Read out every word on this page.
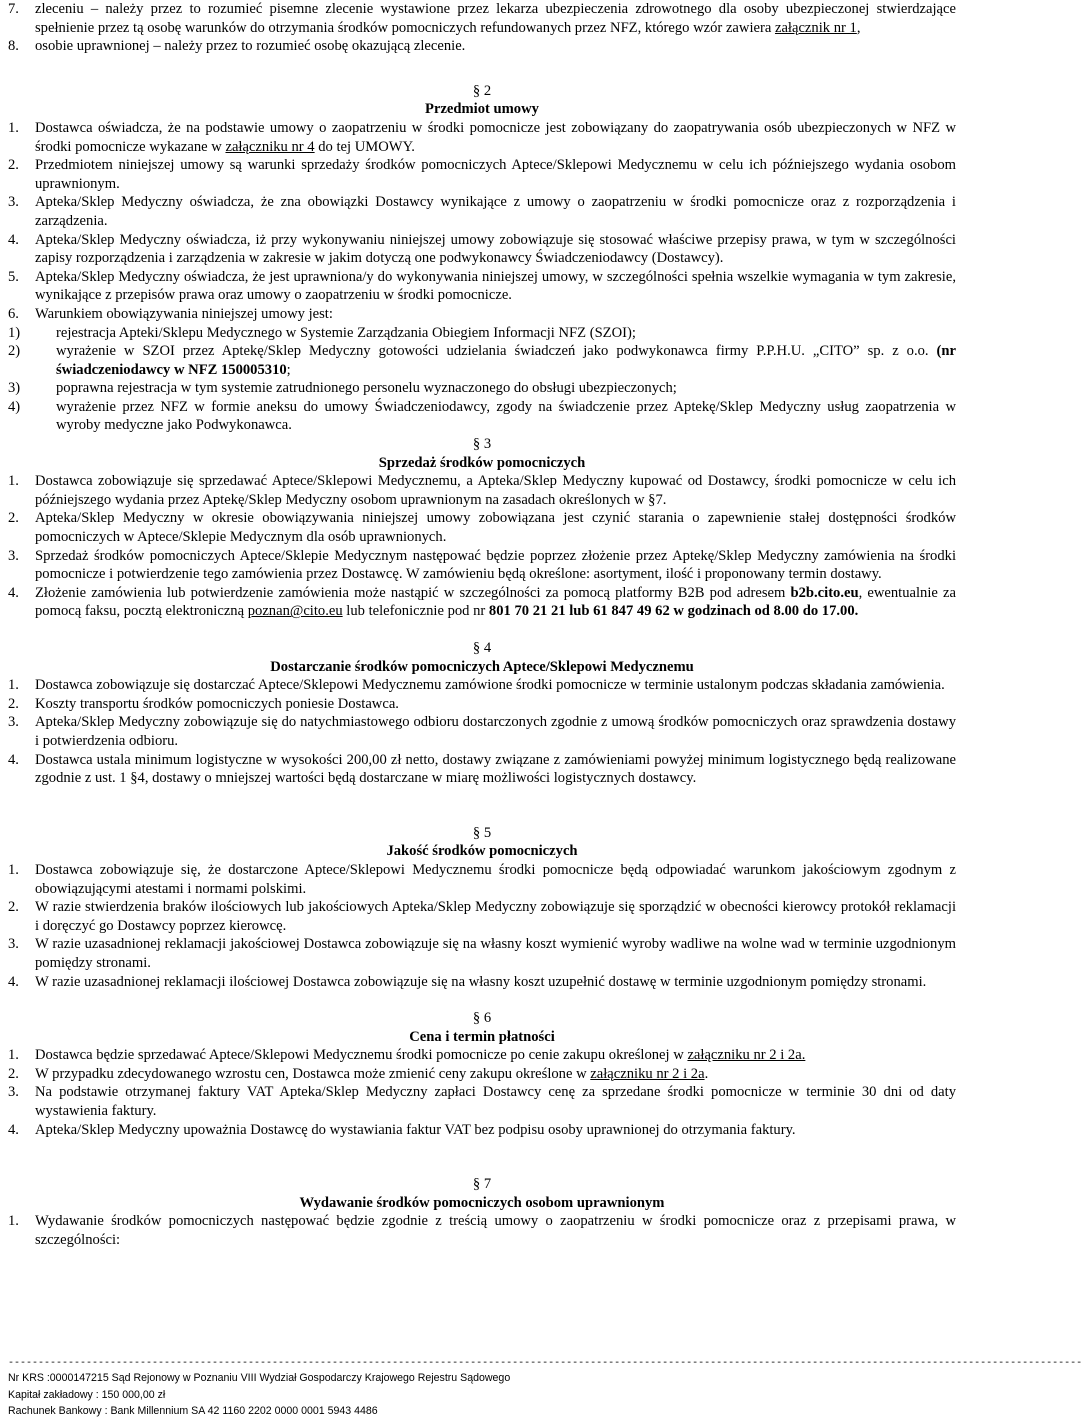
7.	zleceniu – należy przez to rozumieć pisemne zlecenie wystawione przez lekarza ubezpieczenia zdrowotnego dla osoby ubezpieczonej stwierdzające spełnienie przez tą osobę warunków do otrzymania środków pomocniczych refundowanych przez NFZ, którego wzór zawiera załącznik nr 1,
8.	osobie uprawnionej – należy przez to rozumieć osobę okazującą zlecenie.
§ 2
Przedmiot umowy
1.	Dostawca oświadcza, że na podstawie umowy o zaopatrzeniu w środki pomocnicze jest zobowiązany do zaopatrywania osób ubezpieczonych w NFZ w środki pomocnicze wykazane w załączniku nr 4 do tej UMOWY.
2.	Przedmiotem niniejszej umowy są warunki sprzedaży środków pomocniczych Aptece/Sklepowi Medycznemu w celu ich późniejszego wydania osobom uprawnionym.
3.	Apteka/Sklep Medyczny oświadcza, że zna obowiązki Dostawcy wynikające z umowy o zaopatrzeniu w środki pomocnicze oraz z rozporządzenia i zarządzenia.
4.	Apteka/Sklep Medyczny oświadcza, iż przy wykonywaniu niniejszej umowy zobowiązuje się stosować właściwe przepisy prawa, w tym w szczególności zapisy rozporządzenia i zarządzenia w zakresie w jakim dotyczą one podwykonawcy Świadczeniodawcy (Dostawcy).
5.	Apteka/Sklep Medyczny oświadcza, że jest uprawniona/y do wykonywania niniejszej umowy, w szczególności spełnia wszelkie wymagania w tym zakresie, wynikające z przepisów prawa oraz umowy o zaopatrzeniu w środki pomocnicze.
6.	Warunkiem obowiązywania niniejszej umowy jest:
1)	rejestracja Apteki/Sklepu Medycznego w Systemie Zarządzania Obiegiem Informacji NFZ (SZOI);
2)	wyrażenie w SZOI przez Aptekę/Sklep Medyczny gotowości udzielania świadczeń jako podwykonawca firmy P.P.H.U. „CITO” sp. z o.o. (nr świadczeniodawcy w NFZ 150005310;
3)	poprawna rejestracja w tym systemie zatrudnionego personelu wyznaczonego do obsługi ubezpieczonych;
4)	wyrażenie przez NFZ w formie aneksu do umowy Świadczeniodawcy, zgody na świadczenie przez Aptekę/Sklep Medyczny usług zaopatrzenia w wyroby medyczne jako Podwykonawca.
§ 3
Sprzedaż środków pomocniczych
1.	Dostawca zobowiązuje się sprzedawać Aptece/Sklepowi Medycznemu, a Apteka/Sklep Medyczny kupować od Dostawcy, środki pomocnicze w celu ich późniejszego wydania przez Aptekę/Sklep Medyczny osobom uprawnionym na zasadach określonych w §7.
2.	Apteka/Sklep Medyczny w okresie obowiązywania niniejszej umowy zobowiązana jest czynić starania o zapewnienie stałej dostępności środków pomocniczych w Aptece/Sklepie Medycznym dla osób uprawnionych.
3.	Sprzedaż środków pomocniczych Aptece/Sklepie Medycznym następować będzie poprzez złożenie przez Aptekę/Sklep Medyczny zamówienia na środki pomocnicze i potwierdzenie tego zamówienia przez Dostawcę. W zamówieniu będą określone: asortyment, ilość i proponowany termin dostawy.
4.	Złożenie zamówienia lub potwierdzenie zamówienia może nastąpić w szczególności za pomocą platformy B2B pod adresem b2b.cito.eu, ewentualnie za pomocą faksu, pocztą elektroniczną poznan@cito.eu lub telefonicznie pod nr 801 70 21 21 lub 61 847 49 62 w godzinach od 8.00 do 17.00.
§ 4
Dostarczanie środków pomocniczych Aptece/Sklepowi Medycznemu
1.	Dostawca zobowiązuje się dostarczać Aptece/Sklepowi Medycznemu zamówione środki pomocnicze w terminie ustalonym podczas składania zamówienia.
2.	Koszty transportu środków pomocniczych poniesie Dostawca.
3.	Apteka/Sklep Medyczny zobowiązuje się do natychmiastowego odbioru dostarczonych zgodnie z umową środków pomocniczych oraz sprawdzenia dostawy i potwierdzenia odbioru.
4.	Dostawca ustala minimum logistyczne w wysokości 200,00 zł netto, dostawy związane z zamówieniami powyżej minimum logistycznego będą realizowane zgodnie z ust. 1 §4, dostawy o mniejszej wartości będą dostarczane w miarę możliwości logistycznych dostawcy.
§ 5
Jakość środków pomocniczych
1.	Dostawca zobowiązuje się, że dostarczone Aptece/Sklepowi Medycznemu środki pomocnicze będą odpowiadać warunkom jakościowym zgodnym z obowiązującymi atestami i normami polskimi.
2.	W razie stwierdzenia braków ilościowych lub jakościowych Apteka/Sklep Medyczny zobowiązuje się sporządzić w obecności kierowcy protokół reklamacji i doręczyć go Dostawcy poprzez kierowcę.
3.	W razie uzasadnionej reklamacji jakościowej Dostawca zobowiązuje się na własny koszt wymienić wyroby wadliwe na wolne wad w terminie uzgodnionym pomiędzy stronami.
4.	W razie uzasadnionej reklamacji ilościowej Dostawca zobowiązuje się na własny koszt uzupełnić dostawę w terminie uzgodnionym pomiędzy stronami.
§ 6
Cena i termin płatności
1.	Dostawca będzie sprzedawać Aptece/Sklepowi Medycznemu środki pomocnicze po cenie zakupu określonej w załączniku nr 2 i 2a.
2.	W przypadku zdecydowanego wzrostu cen, Dostawca może zmienić ceny zakupu określone w załączniku nr 2 i 2a.
3.	Na podstawie otrzymanej faktury VAT Apteka/Sklep Medyczny zapłaci Dostawcy cenę za sprzedane środki pomocnicze w terminie 30 dni od daty wystawienia faktury.
4.	Apteka/Sklep Medyczny upoważnia Dostawcę do wystawiania faktur VAT bez podpisu osoby uprawnionej do otrzymania faktury.
§ 7
Wydawanie środków pomocniczych osobom uprawnionym
1.	Wydawanie środków pomocniczych następować będzie zgodnie z treścią umowy o zaopatrzeniu w środki pomocnicze oraz z przepisami prawa, w szczególności:
-----------------------------------------------------------------------------------------------------------------------------------------------------------------------------------
Nr KRS :0000147215 Sąd Rejonowy w Poznaniu VIII Wydział Gospodarczy Krajowego Rejestru Sądowego
Kapitał zakładowy : 150 000,00 zł
Rachunek Bankowy : Bank Millennium SA 42 1160 2202 0000 0001 5943 4486
